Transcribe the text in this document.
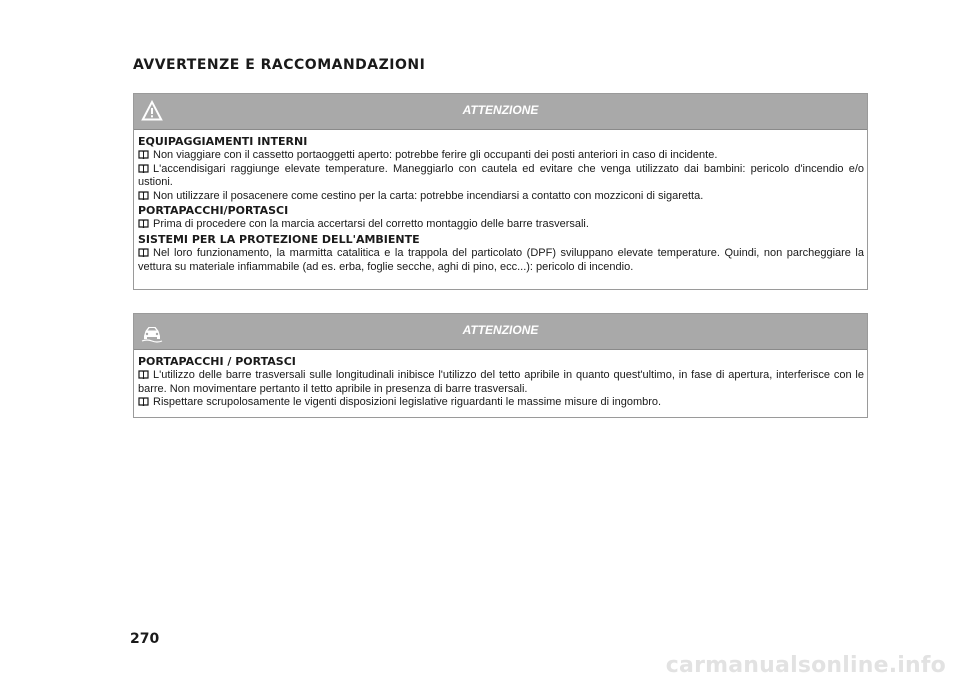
AVVERTENZE E RACCOMANDAZIONI
ATTENZIONE
EQUIPAGGIAMENTI INTERNI
Non viaggiare con il cassetto portaoggetti aperto: potrebbe ferire gli occupanti dei posti anteriori in caso di incidente.
L'accendisigari raggiunge elevate temperature. Maneggiarlo con cautela ed evitare che venga utilizzato dai bambini: pericolo d'incendio e/o ustioni.
Non utilizzare il posacenere come cestino per la carta: potrebbe incendiarsi a contatto con mozziconi di sigaretta.
PORTAPACCHI/PORTASCI
Prima di procedere con la marcia accertarsi del corretto montaggio delle barre trasversali.
SISTEMI PER LA PROTEZIONE DELL'AMBIENTE
Nel loro funzionamento, la marmitta catalitica e la trappola del particolato (DPF) sviluppano elevate temperature. Quindi, non parcheggiare la vettura su materiale infiammabile (ad es. erba, foglie secche, aghi di pino, ecc...): pericolo di incendio.
ATTENZIONE
PORTAPACCHI / PORTASCI
L'utilizzo delle barre trasversali sulle longitudinali inibisce l'utilizzo del tetto apribile in quanto quest'ultimo, in fase di apertura, interferisce con le barre. Non movimentare pertanto il tetto apribile in presenza di barre trasversali.
Rispettare scrupolosamente le vigenti disposizioni legislative riguardanti le massime misure di ingombro.
270
carmanualsonline.info
